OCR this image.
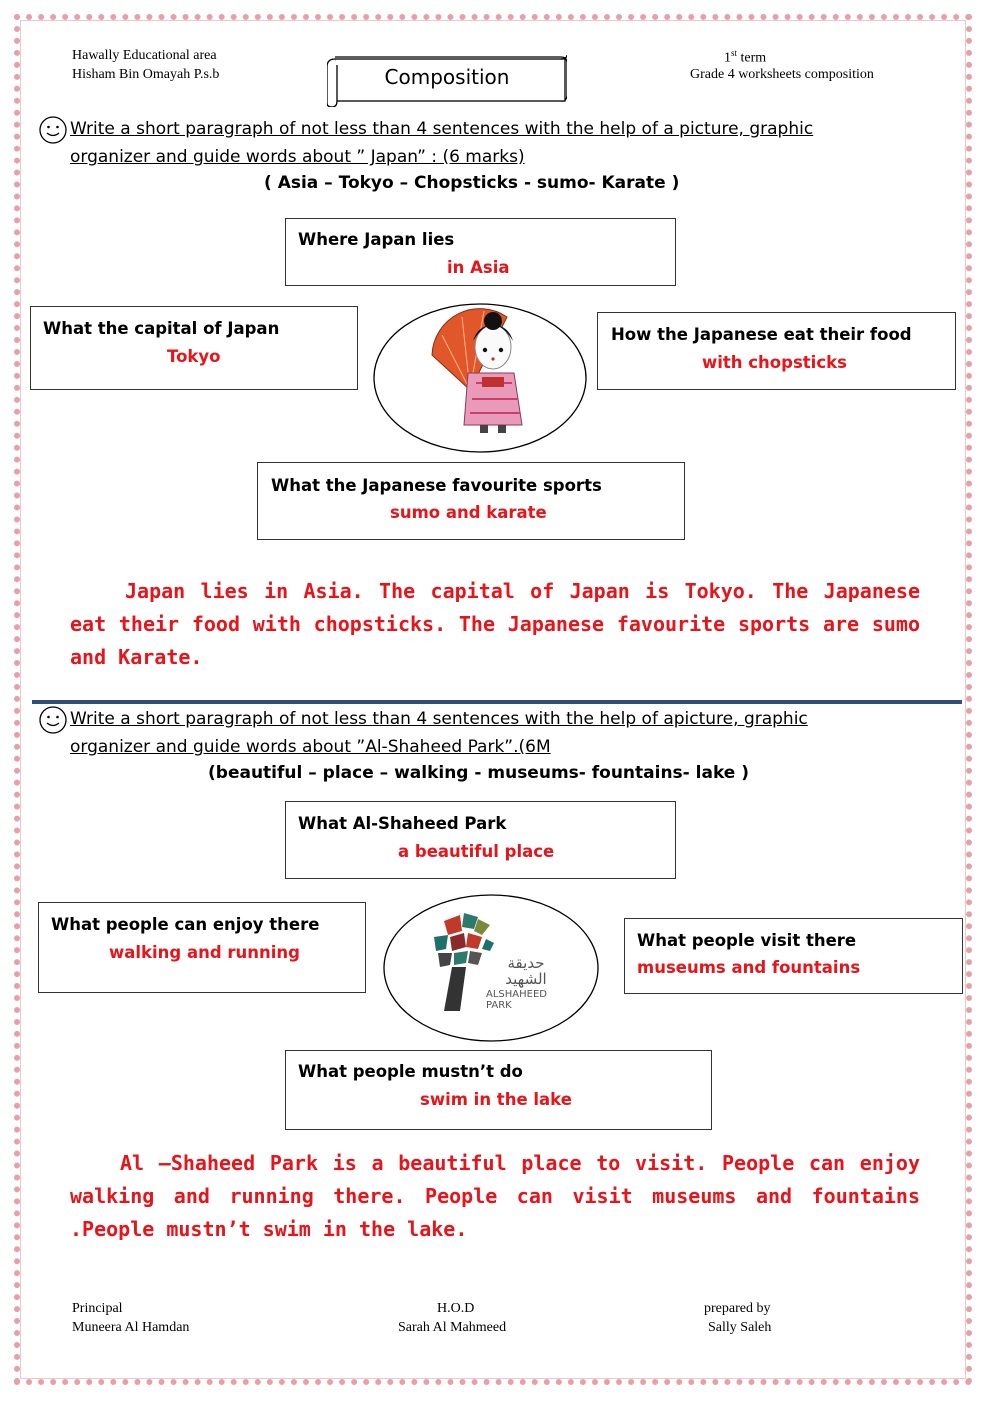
Hawally Educational area
Hisham Bin Omayah P.s.b
1st term
Grade 4 worksheets composition
Composition
Write a short paragraph of not less than 4 sentences with the help of a picture, graphic
organizer and guide words about ” Japan” : (6 marks)
( Asia – Tokyo – Chopsticks - sumo- Karate )
Where Japan lies
in Asia
What the capital of Japan
Tokyo
How the Japanese eat their food
with chopsticks
What the Japanese favourite sports
sumo and karate
Japan lies in Asia. The capital of Japan is Tokyo. The Japanese eat their food with chopsticks. The Japanese favourite sports are sumo and Karate.
Write a short paragraph of not less than 4 sentences with the help of apicture, graphic
organizer and guide words about ”Al-Shaheed Park”.(6M
(beautiful – place – walking - museums- fountains- lake )
What Al-Shaheed Park
a beautiful place
What people can enjoy there
walking and running
What people visit there
museums and fountains
What people mustn’t do
swim in the lake
حديقة الشهيد
ALSHAHEED
PARK
Al –Shaheed Park is a beautiful place to visit. People can enjoy walking and running there. People can visit museums and fountains .People mustn’t swim in the lake.
Principal
Muneera Al Hamdan
H.O.D
Sarah Al Mahmeed
prepared by
Sally Saleh
